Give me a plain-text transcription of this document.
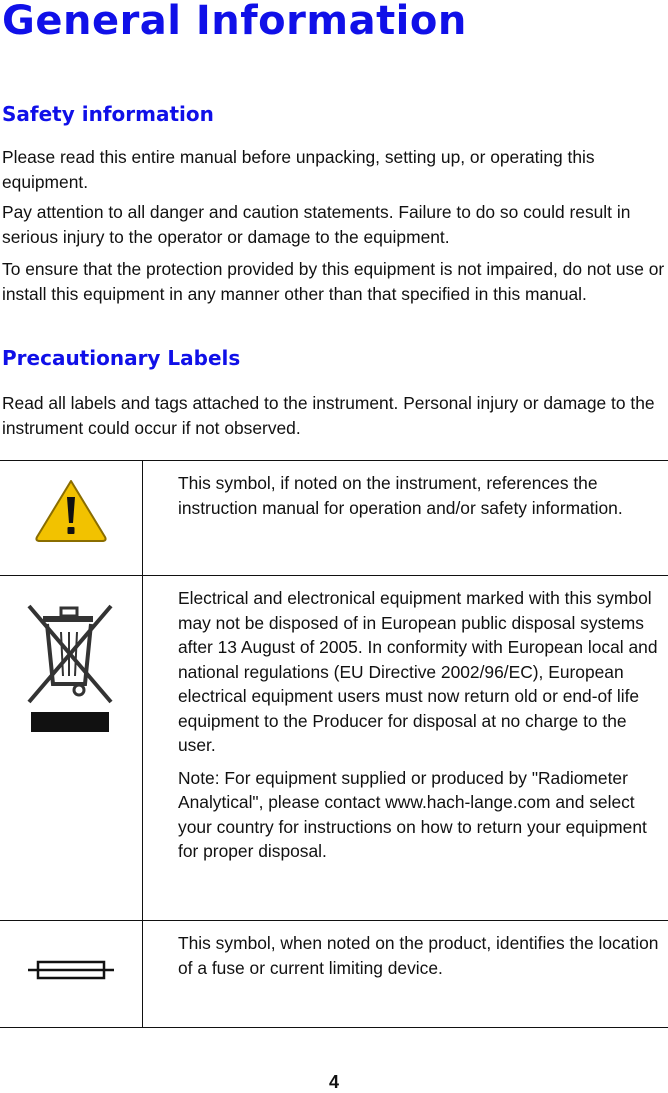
General Information
Safety information

Please read this entire manual before unpacking, setting up, or operating this equipment.

Pay attention to all danger and caution statements. Failure to do so could result in serious injury to the operator or damage to the equipment.

To ensure that the protection provided by this equipment is not impaired, do not use or install this equipment in any manner other than that specified in this manual.

Precautionary Labels

Read all labels and tags attached to the instrument. Personal injury or damage to the instrument could occur if not observed.

This symbol, if noted on the instrument, references the instruction manual for operation and/or safety information.

Electrical and electronical equipment marked with this symbol may not be disposed of in European public disposal systems after 13 August of 2005. In conformity with European local and national regulations (EU Directive 2002/96/EC), European electrical equipment users must now return old or end-of life equipment to the Producer for disposal at no charge to the user.

Note: For equipment supplied or produced by "Radiometer Analytical", please contact www.hach-lange.com and select your country for instructions on how to return your equipment for proper disposal.

This symbol, when noted on the product, identifies the location of a fuse or current limiting device.

4
